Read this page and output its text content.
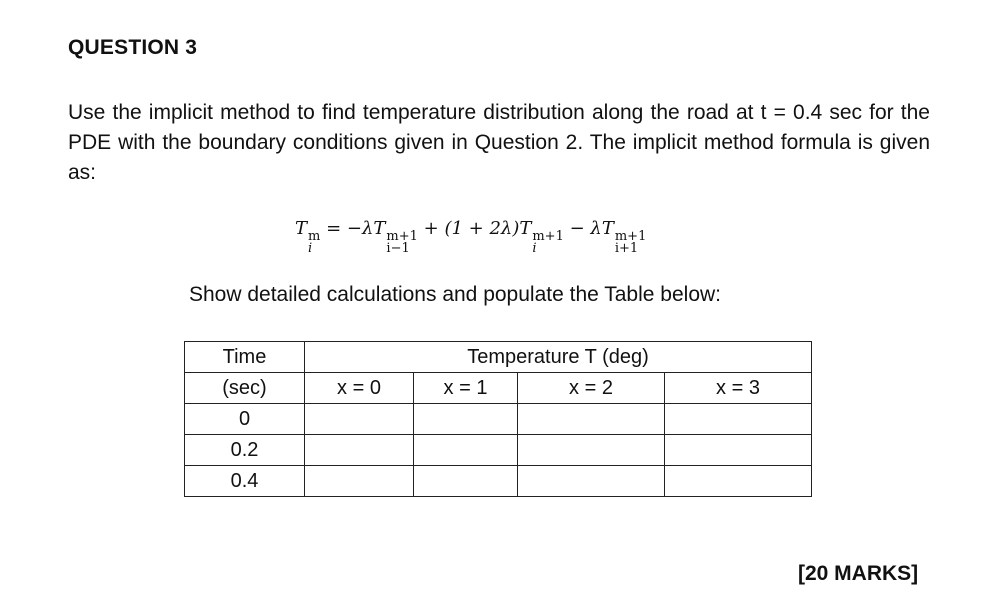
QUESTION 3
Use the implicit method to find temperature distribution along the road at t = 0.4 sec for the PDE with the boundary conditions given in Question 2. The implicit method formula is given as:
T m
i
= −λT m+1
i−1
+ (1 + 2λ)T m+1
i
− λT m+1
i+1
Show detailed calculations and populate the Table below:
Time	Temperature T (deg)			
(sec)	x = 0	x = 1	x = 2	x = 3
0				
0.2				
0.4				
[20 MARKS]
